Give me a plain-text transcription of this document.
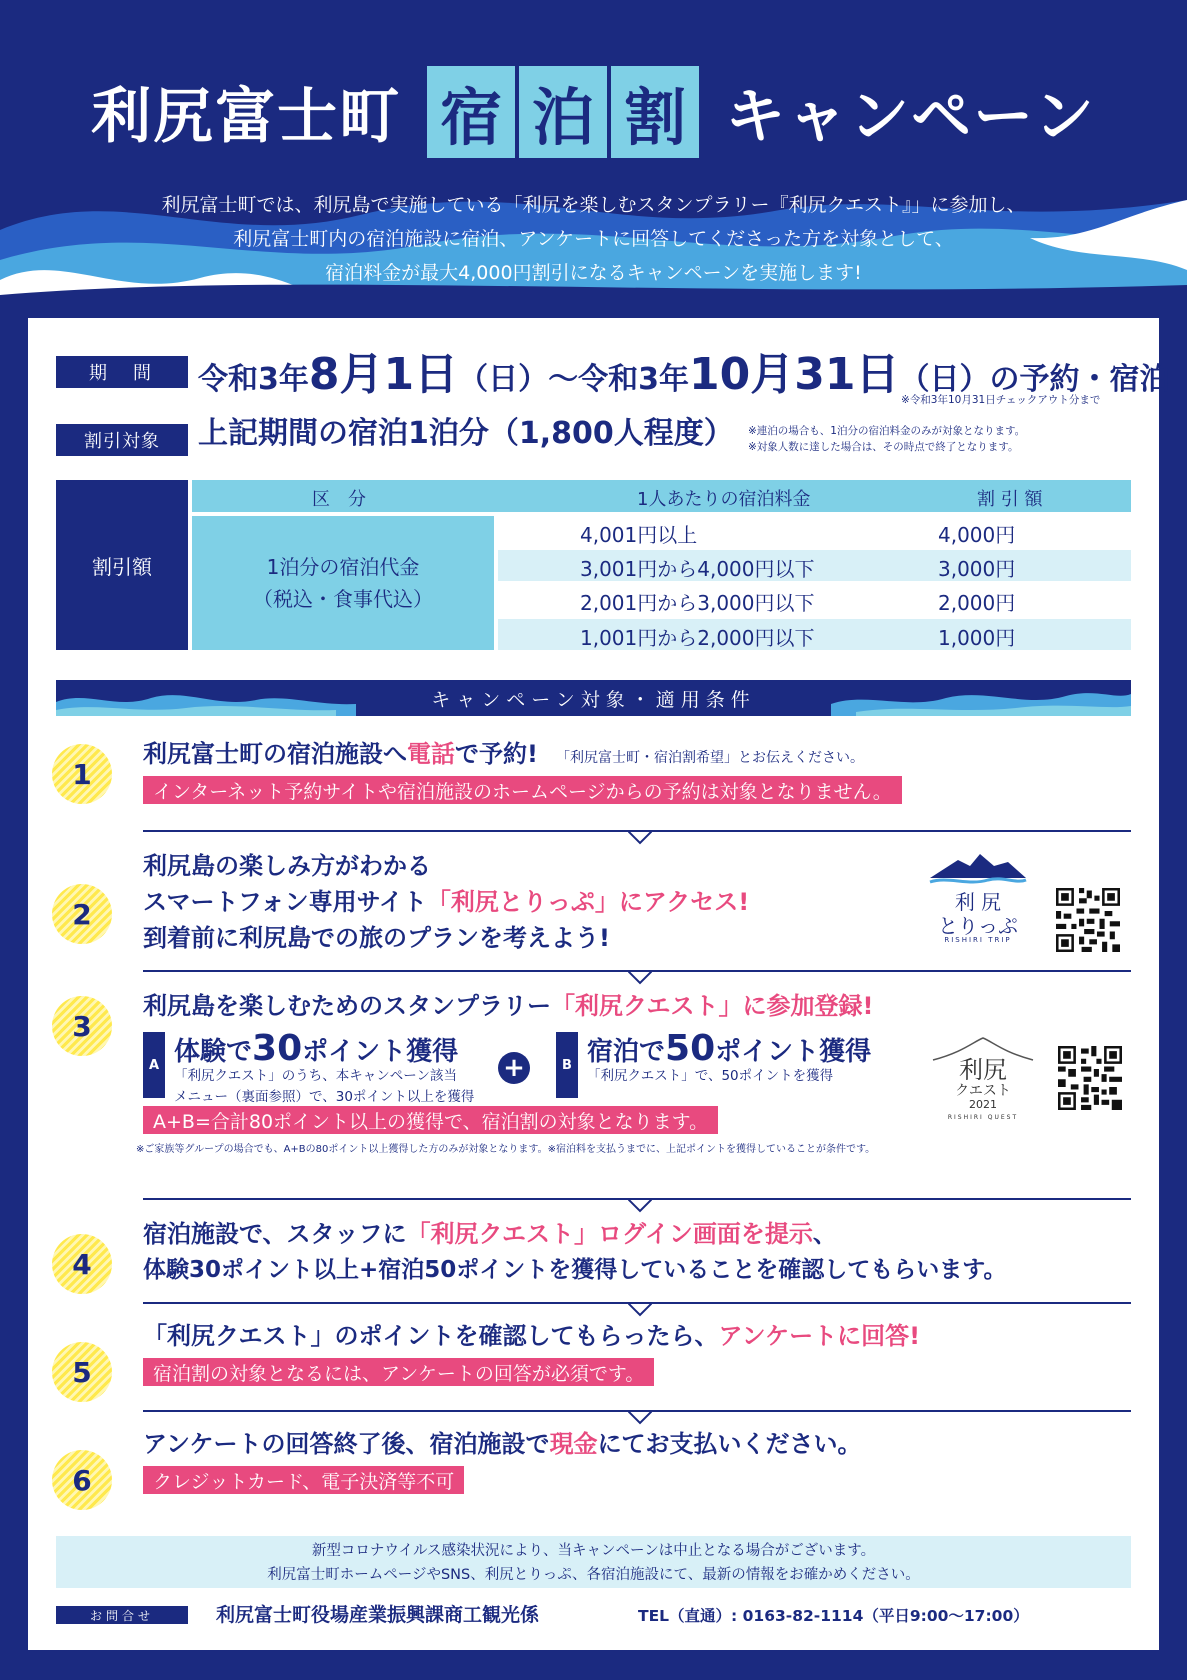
利尻富士町 宿 泊 割 キャンペーン
利尻富士町では、利尻島で実施している「利尻を楽しむスタンプラリー『利尻クエスト』」に参加し、
利尻富士町内の宿泊施設に宿泊、アンケートに回答してくださった方を対象として、
宿泊料金が最大4,000円割引になるキャンペーンを実施します!
期　間	令和3年8月1日（日）～令和3年10月31日（日）の予約・宿泊
※令和3年10月31日チェックアウト分まで
割引対象	上記期間の宿泊1泊分（1,800人程度） ※連泊の場合も、1泊分の宿泊料金のみが対象となります。
※対象人数に達した場合は、その時点で終了となります。
割引額
区　分	1人あたりの宿泊料金	割 引 額
1泊分の宿泊代金
（税込・食事代込）
4,001円以上	4,000円
3,001円から4,000円以下	3,000円
2,001円から3,000円以下	2,000円
1,001円から2,000円以下	1,000円
キャンペーン対象・適用条件
1
利尻富士町の宿泊施設へ電話で予約! 「利尻富士町・宿泊割希望」とお伝えください。
インターネット予約サイトや宿泊施設のホームページからの予約は対象となりません。
2
利尻島の楽しみ方がわかる
スマートフォン専用サイト「利尻とりっぷ」にアクセス!
到着前に利尻島での旅のプランを考えよう!
利 尻
とりっぷ
RISHIRI TRIP
3
利尻島を楽しむためのスタンプラリー「利尻クエスト」に参加登録!
A 体験で30ポイント獲得
「利尻クエスト」のうち、本キャンペーン該当
メニュー（裏面参照）で、30ポイント以上を獲得
+	B 宿泊で50ポイント獲得
「利尻クエスト」で、50ポイントを獲得	利尻
クエスト
2021
RISHIRI QUEST
A+B=合計80ポイント以上の獲得で、宿泊割の対象となります。
※ご家族等グループの場合でも、A+Bの80ポイント以上獲得した方のみが対象となります。※宿泊料を支払うまでに、上記ポイントを獲得していることが条件です。
4
宿泊施設で、スタッフに「利尻クエスト」ログイン画面を提示、
体験30ポイント以上+宿泊50ポイントを獲得していることを確認してもらいます。
5
「利尻クエスト」のポイントを確認してもらったら、アンケートに回答!
宿泊割の対象となるには、アンケートの回答が必須です。
6
アンケートの回答終了後、宿泊施設で現金にてお支払いください。
クレジットカード、電子決済等不可
新型コロナウイルス感染状況により、当キャンペーンは中止となる場合がございます。
利尻富士町ホームページやSNS、利尻とりっぷ、各宿泊施設にて、最新の情報をお確かめください。
お問合せ	利尻富士町役場産業振興課商工観光係	TEL（直通）: 0163-82-1114（平日9:00～17:00）
